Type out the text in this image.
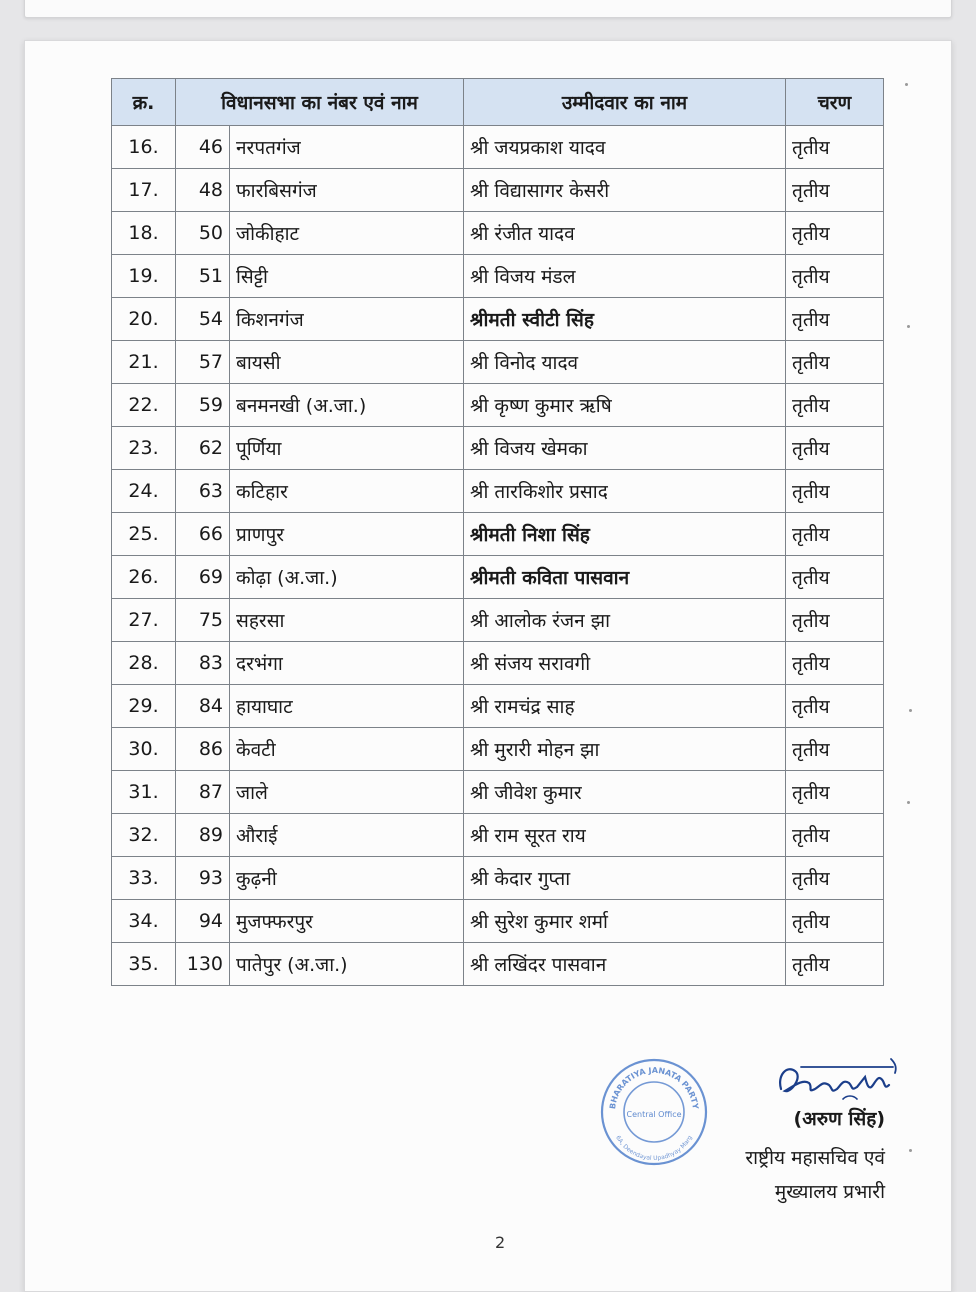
क्र.	विधानसभा का नंबर एवं नाम		उम्मीदवार का नाम	चरण
16.	46	नरपतगंज	श्री जयप्रकाश यादव	तृतीय
17.	48	फारबिसगंज	श्री विद्यासागर केसरी	तृतीय
18.	50	जोकीहाट	श्री रंजीत यादव	तृतीय
19.	51	सिट्टी	श्री विजय मंडल	तृतीय
20.	54	किशनगंज	श्रीमती स्वीटी सिंह	तृतीय
21.	57	बायसी	श्री विनोद यादव	तृतीय
22.	59	बनमनखी (अ.जा.)	श्री कृष्ण कुमार ऋषि	तृतीय
23.	62	पूर्णिया	श्री विजय खेमका	तृतीय
24.	63	कटिहार	श्री तारकिशोर प्रसाद	तृतीय
25.	66	प्राणपुर	श्रीमती निशा सिंह	तृतीय
26.	69	कोढ़ा (अ.जा.)	श्रीमती कविता पासवान	तृतीय
27.	75	सहरसा	श्री आलोक रंजन झा	तृतीय
28.	83	दरभंगा	श्री संजय सरावगी	तृतीय
29.	84	हायाघाट	श्री रामचंद्र साह	तृतीय
30.	86	केवटी	श्री मुरारी मोहन झा	तृतीय
31.	87	जाले	श्री जीवेश कुमार	तृतीय
32.	89	औराई	श्री राम सूरत राय	तृतीय
33.	93	कुढ़नी	श्री केदार गुप्ता	तृतीय
34.	94	मुजफ्फरपुर	श्री सुरेश कुमार शर्मा	तृतीय
35.	130	पातेपुर (अ.जा.)	श्री लखिंदर पासवान	तृतीय
BHARATIYA JANATA PARTY
6A, Deendayal Upadhyay Marg
Central Office	(अरुण सिंह)
राष्ट्रीय महासचिव एवं
मुख्यालय प्रभारी
2
